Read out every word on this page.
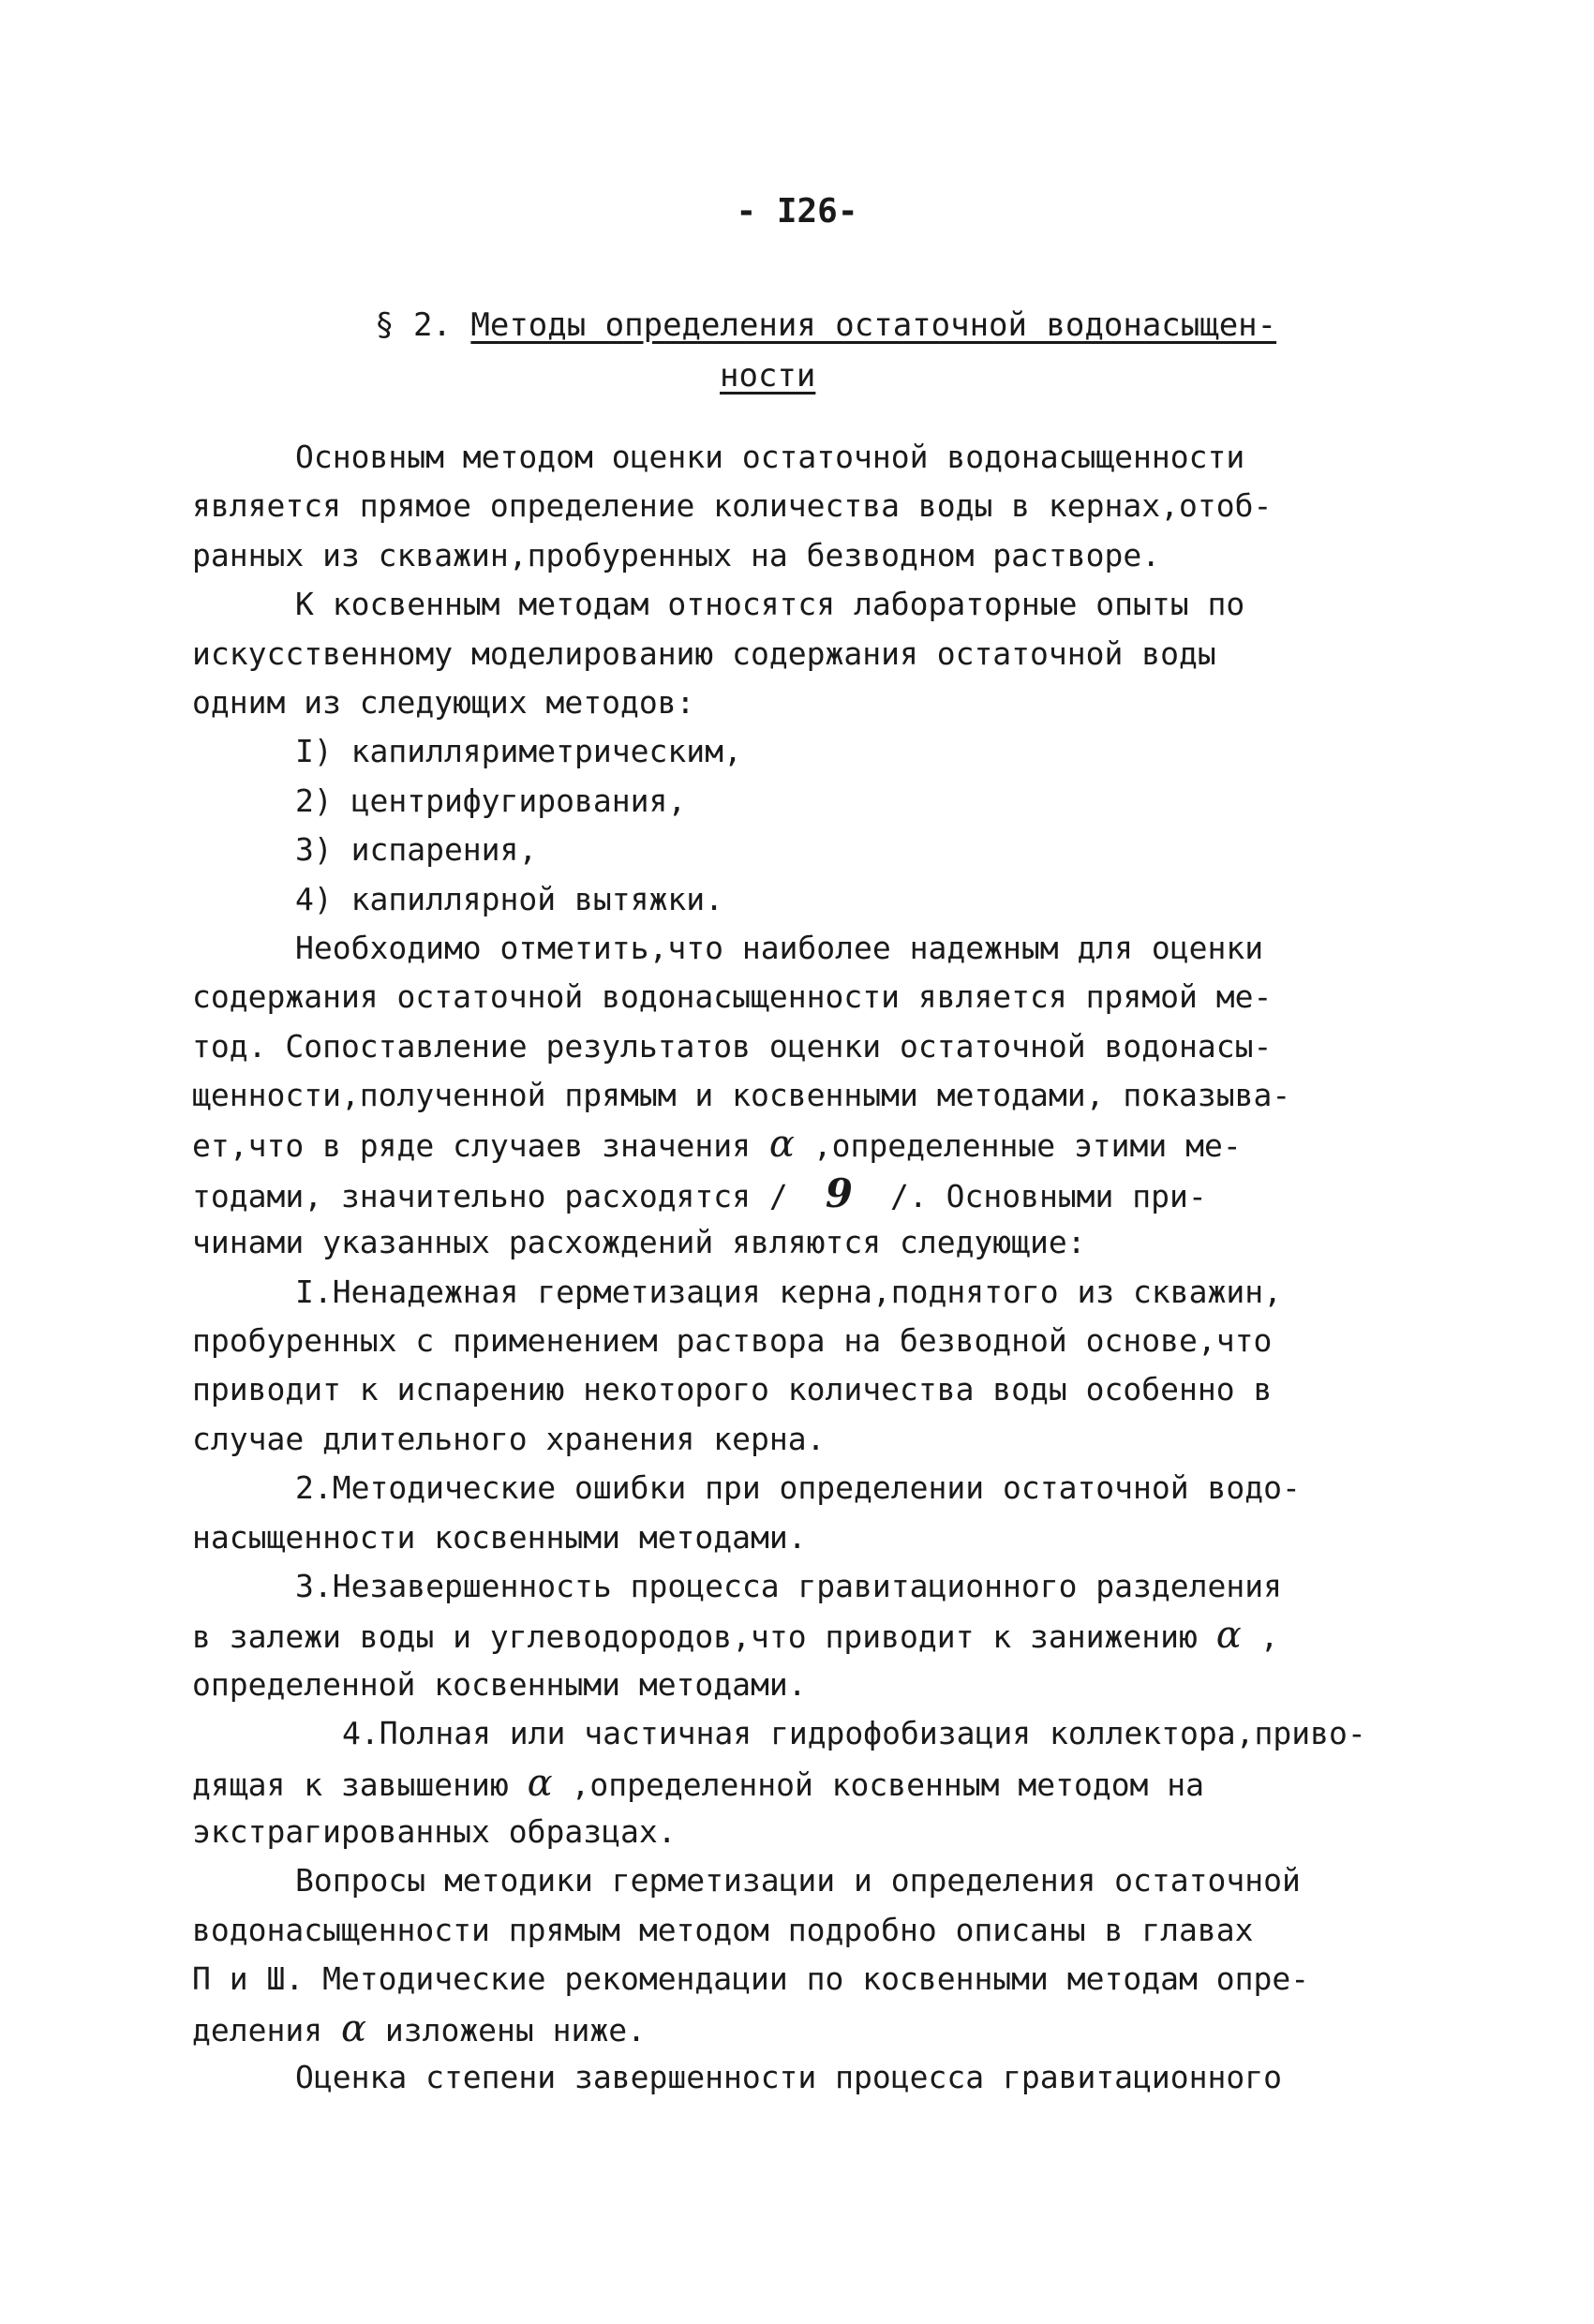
- I26-
§ 2. Методы определения остаточной водонасыщен-
ности
Основным методом оценки остаточной водонасыщенности
является прямое определение количества воды в кернах,отоб-
ранных из скважин,пробуренных на безводном растворе.
К косвенным методам относятся лабораторные опыты по
искусственному моделированию содержания остаточной воды
одним из следующих методов:
I) капилляриметрическим,
2) центрифугирования,
3) испарения,
4) капиллярной вытяжки.
Необходимо отметить,что наиболее надежным для оценки
содержания остаточной водонасыщенности является прямой ме-
тод. Сопоставление результатов оценки остаточной водонасы-
щенности,полученной прямым и косвенными методами, показыва-
ет,что в ряде случаев значения α ,определенные этими ме-
тодами, значительно расходятся / 9 /. Основными при-
чинами указанных расхождений являются следующие:
I.Ненадежная герметизация керна,поднятого из скважин,
пробуренных с применением раствора на безводной основе,что
приводит к испарению некоторого количества воды особенно в
случае длительного хранения керна.
2.Методические ошибки при определении остаточной водо-
насыщенности косвенными методами.
3.Незавершенность процесса гравитационного разделения
в залежи воды и углеводородов,что приводит к занижению α ,
определенной косвенными методами.
4.Полная или частичная гидрофобизация коллектора,приво-
дящая к завышению α ,определенной косвенным методом на
экстрагированных образцах.
Вопросы методики герметизации и определения остаточной
водонасыщенности прямым методом подробно описаны в главах
П и Ш. Методические рекомендации по косвенными методам опре-
деления α изложены ниже.
Оценка степени завершенности процесса гравитационного
